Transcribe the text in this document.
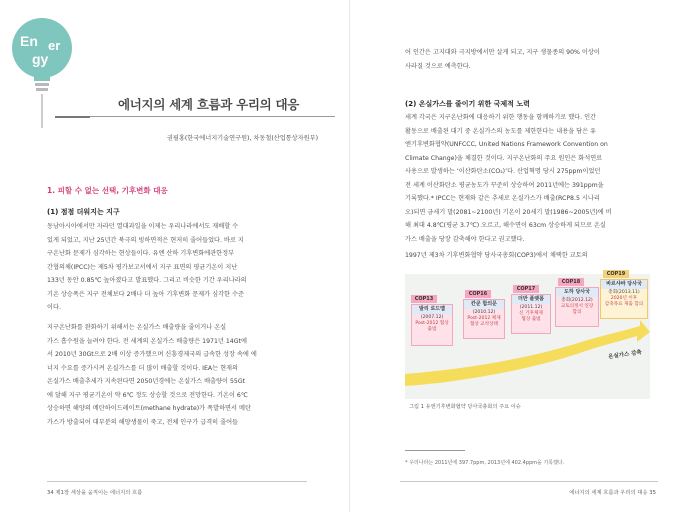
En
gy
er
에너지의 세계 흐름과 우리의 대응
권필홍(한국에너지기술연구원), 차동철(산업통상자원부)
1. 피할 수 없는 선택, 기후변화 대응
(1) 점점 더워지는 지구
동남아시아에서만 자라던 열대과일을 이제는 우리나라에서도 재배할 수
있게 되었고, 지난 25년간 북극의 빙하면적은 현저히 줄어들었다. 바로 지
구온난화 문제가 심각하는 현상들이다. 유엔 산하 기후변화에관한정부
간협의체(IPCC)는 제5차 평가보고서에서 지구 표면의 평균기온이 지난
133년 동안 0.85℃ 높아졌다고 발표했다. 그리고 비슷한 기간 우리나라의
기온 상승폭은 지구 전체보다 2배나 더 높아 기후변화 문제가 심각한 수준
이다.
지구온난화를 완화하기 위해서는 온실가스 배출량을 줄이거나 온실
가스 흡수원을 늘려야 한다. 전 세계의 온실가스 배출량은 1971년 14Gt에
서 2010년 30Gt으로 2배 이상 증가했으며 신흥경제국의 급속한 성장 속에 에
너지 수요를 증가시켜 온실가스를 더 많이 배출할 것이다. IEA는 현재의
온실가스 배출추세가 지속된다면 2050년경에는 온실가스 배출량이 55Gt
에 달해 지구 평균기온이 약 6℃ 정도 상승할 것으로 전망한다. 기온이 6℃
상승하면 해양의 메탄하이드레이트(methane hydrate)가 폭발하면서 메탄
가스가 방출되어 대부분의 해양생물이 죽고, 전체 인구가 급격히 줄어들
34 제1장 세상을 움직이는 에너지의 흐름
어 인간은 고지대와 극지방에서만 살게 되고, 지구 생물종의 90% 이상이
사라질 것으로 예측한다.
(2) 온실가스를 줄이기 위한 국제적 노력
세계 각국은 지구온난화에 대응하기 위한 행동을 함께하기로 했다. 인간
활동으로 배출된 대기 중 온실가스의 농도를 제한한다는 내용을 담은 유
엔기후변화협약(UNFCCC, United Nations Framework Convention on
Climate Change)을 체결한 것이다. 지구온난화의 주요 원인은 화석연료
사용으로 발생하는 ‘이산화탄소(CO₂)’다. 산업혁명 당시 275ppm이었던
전 세계 이산화탄소 평균농도가 꾸준히 상승하여 2011년에는 391ppm을
기록했다.* IPCC는 현재와 같은 추세로 온실가스가 배출(RCP8.5 시나리
오)되면 금세기 말(2081~2100년) 기온이 20세기 말(1986~2005년)에 비
해 최대 4.8℃(평균 3.7℃) 오르고, 해수면이 63cm 상승하게 되므로 온실
가스 배출을 당장 감축해야 한다고 권고했다.
1997년 제3차 기후변화협약 당사국총회(COP3)에서 채택한 교토의
COP13
발리 로드맵
(2007.12)
Post-2012 협상
출범
COP16
칸쿤 합의문
(2010.12)
Post-2012 체제
협상 교착상태
COP17
더반 플랫폼
(2011.12)
신 기후체제
협상 출범
COP18
도하 당사국
총회(2012.12)
교토의정서 연장
합의
COP19
바르샤바 당사국
총회(2013.11)
2020년 이후
감축목표 제출 합의
온실가스 감축
그림 1 유엔기후변화협약 당사국총회의 주요 이슈
* 우리나라는 2011년에 397.7ppm, 2013년에 402.4ppm을 기록했다.
에너지의 세계 흐름과 우리의 대응 35
